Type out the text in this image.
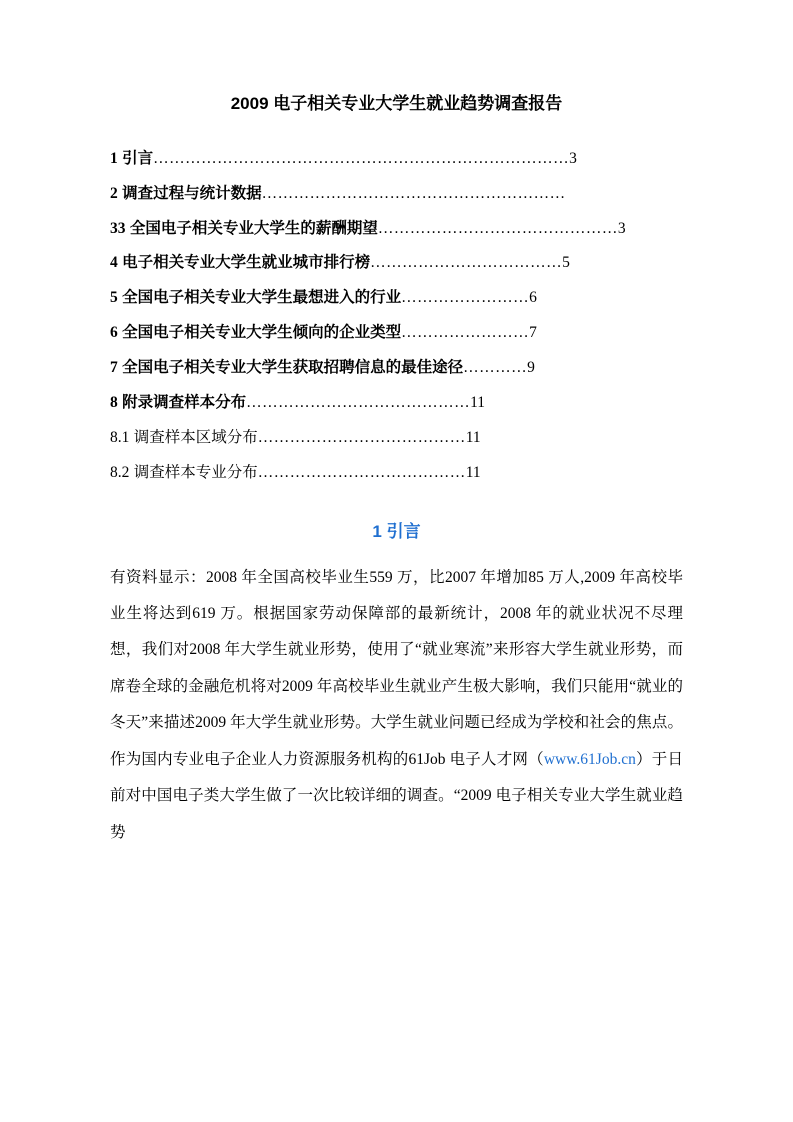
2009 电子相关专业大学生就业趋势调查报告
1 引言……………………………………………………………………3
2 调查过程与统计数据…………………………………………………
33 全国电子相关专业大学生的薪酬期望………………………………………3
4 电子相关专业大学生就业城市排行榜………………………………5
5 全国电子相关专业大学生最想进入的行业……………………6
6 全国电子相关专业大学生倾向的企业类型……………………7
7 全国电子相关专业大学生获取招聘信息的最佳途径…………9
8 附录调查样本分布……………………………………11
8.1 调查样本区域分布…………………………………11
8.2 调查样本专业分布…………………………………11
1 引言

有资料显示：2008 年全国高校毕业生559 万，比2007 年增加85 万人,2009 年高校毕业生将达到619 万。根据国家劳动保障部的最新统计，2008 年的就业状况不尽理想，我们对2008 年大学生就业形势，使用了“就业寒流”来形容大学生就业形势，而席卷全球的金融危机将对2009 年高校毕业生就业产生极大影响，我们只能用“就业的冬天”来描述2009 年大学生就业形势。大学生就业问题已经成为学校和社会的焦点。作为国内专业电子企业人力资源服务机构的61Job 电子人才网（www.61Job.cn）于日前对中国电子类大学生做了一次比较详细的调查。“2009 电子相关专业大学生就业趋势
